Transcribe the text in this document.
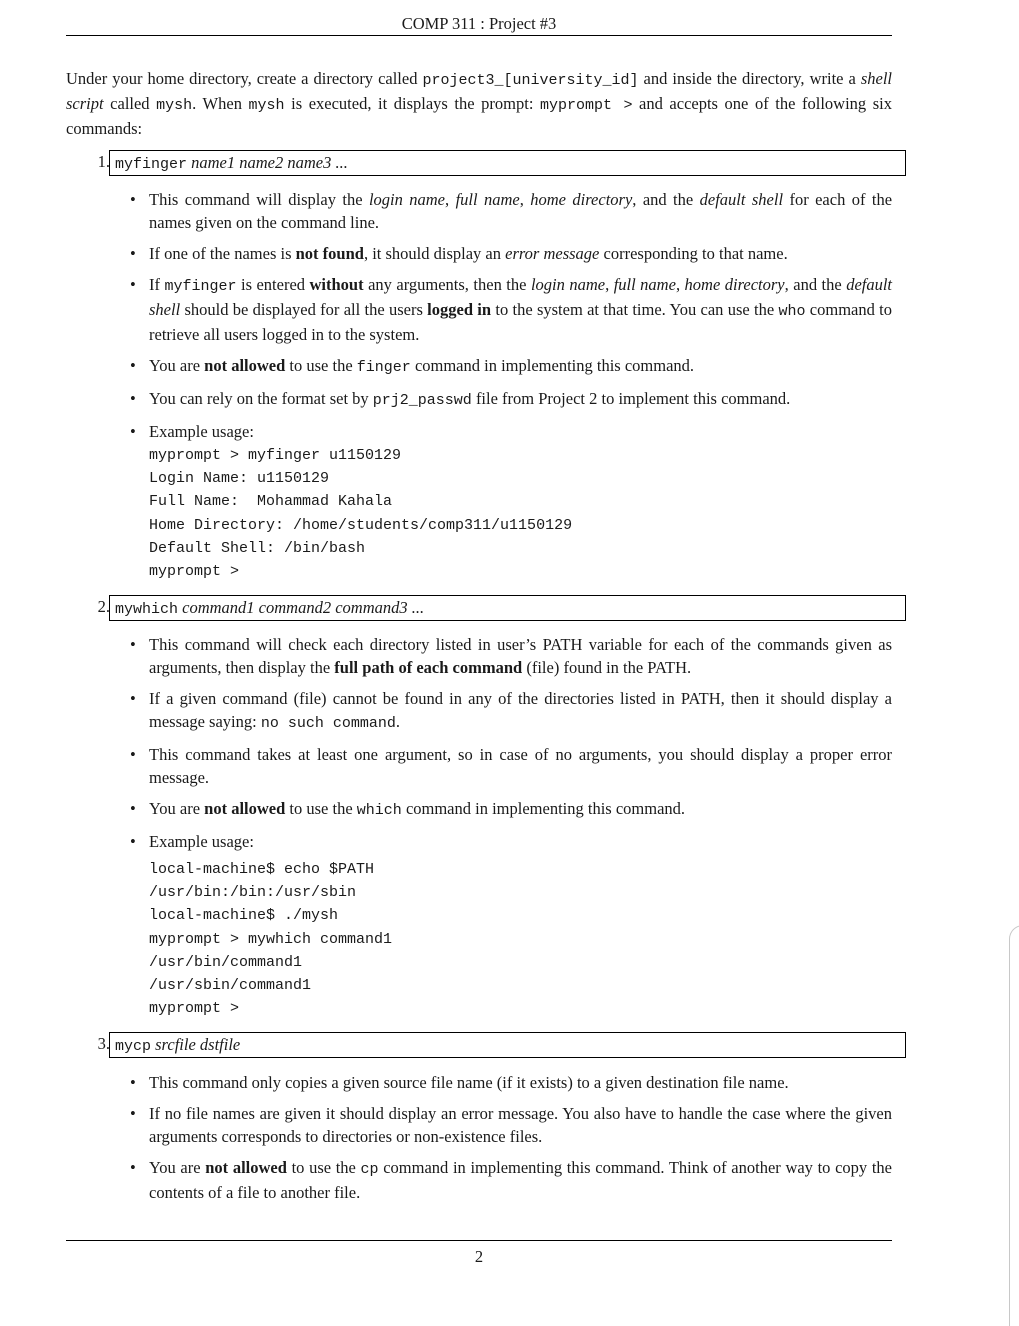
COMP 311 : Project #3

Under your home directory, create a directory called project3_[university_id] and inside the directory, write a shell script called mysh. When mysh is executed, it displays the prompt: myprompt > and accepts one of the following six commands:

1. myfinger name1 name2 name3 ...
• This command will display the login name, full name, home directory, and the default shell for each of the names given on the command line.
• If one of the names is not found, it should display an error message corresponding to that name.
• If myfinger is entered without any arguments, then the login name, full name, home directory, and the default shell should be displayed for all the users logged in to the system at that time. You can use the who command to retrieve all users logged in to the system.
• You are not allowed to use the finger command in implementing this command.
• You can rely on the format set by prj2_passwd file from Project 2 to implement this command.
• Example usage:
myprompt > myfinger u1150129
Login Name: u1150129
Full Name:  Mohammad Kahala
Home Directory: /home/students/comp311/u1150129
Default Shell: /bin/bash
myprompt >
2. mywhich command1 command2 command3 ...
• This command will check each directory listed in user’s PATH variable for each of the commands given as arguments, then display the full path of each command (file) found in the PATH.
• If a given command (file) cannot be found in any of the directories listed in PATH, then it should display a message saying: no such command.
• This command takes at least one argument, so in case of no arguments, you should display a proper error message.
• You are not allowed to use the which command in implementing this command.
• Example usage:
local-machine$ echo $PATH
/usr/bin:/bin:/usr/sbin
local-machine$ ./mysh
myprompt > mywhich command1
/usr/bin/command1
/usr/sbin/command1
myprompt >
3. mycp srcfile dstfile
• This command only copies a given source file name (if it exists) to a given destination file name.
• If no file names are given it should display an error message. You also have to handle the case where the given arguments corresponds to directories or non-existence files.
• You are not allowed to use the cp command in implementing this command. Think of another way to copy the contents of a file to another file.
2
